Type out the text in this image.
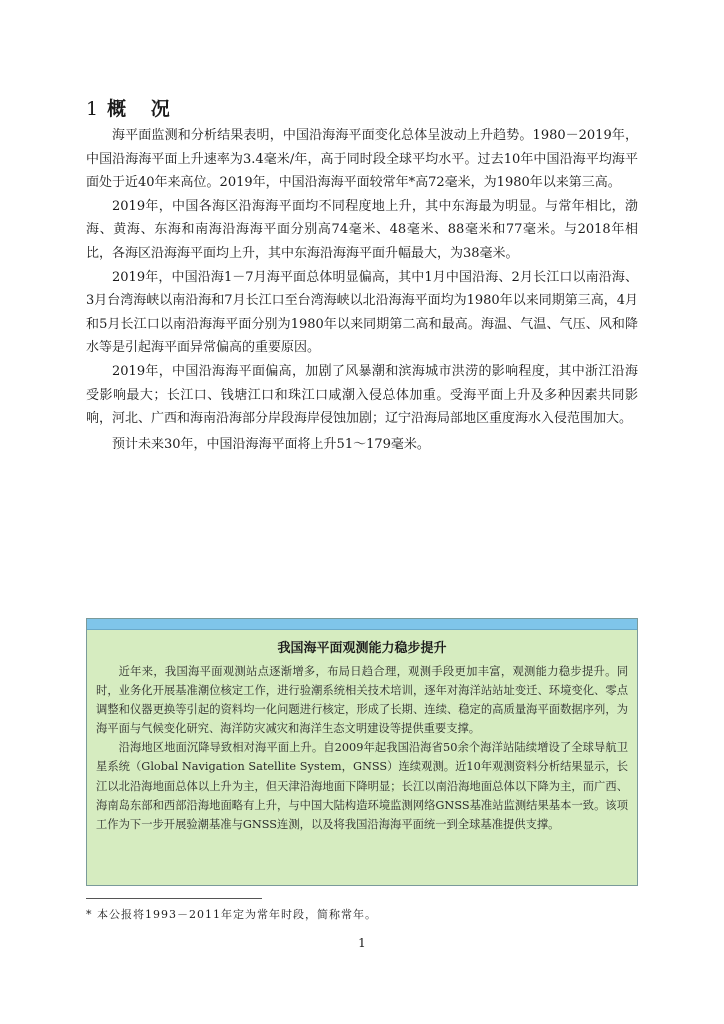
1 概 况

海平面监测和分析结果表明，中国沿海海平面变化总体呈波动上升趋势。1980－2019年，中国沿海海平面上升速率为3.4毫米/年，高于同时段全球平均水平。过去10年中国沿海平均海平面处于近40年来高位。2019年，中国沿海海平面较常年*高72毫米，为1980年以来第三高。

2019年，中国各海区沿海海平面均不同程度地上升，其中东海最为明显。与常年相比，渤海、黄海、东海和南海沿海海平面分别高74毫米、48毫米、88毫米和77毫米。与2018年相比，各海区沿海海平面均上升，其中东海沿海海平面升幅最大，为38毫米。

2019年，中国沿海1－7月海平面总体明显偏高，其中1月中国沿海、2月长江口以南沿海、3月台湾海峡以南沿海和7月长江口至台湾海峡以北沿海海平面均为1980年以来同期第三高，4月和5月长江口以南沿海海平面分别为1980年以来同期第二高和最高。海温、气温、气压、风和降水等是引起海平面异常偏高的重要原因。

2019年，中国沿海海平面偏高，加剧了风暴潮和滨海城市洪涝的影响程度，其中浙江沿海受影响最大；长江口、钱塘江口和珠江口咸潮入侵总体加重。受海平面上升及多种因素共同影响，河北、广西和海南沿海部分岸段海岸侵蚀加剧；辽宁沿海局部地区重度海水入侵范围加大。

预计未来30年，中国沿海海平面将上升51～179毫米。

我国海平面观测能力稳步提升

近年来，我国海平面观测站点逐渐增多，布局日趋合理，观测手段更加丰富，观测能力稳步提升。同时，业务化开展基准潮位核定工作，进行验潮系统相关技术培训，逐年对海洋站站址变迁、环境变化、零点调整和仪器更换等引起的资料均一化问题进行核定，形成了长期、连续、稳定的高质量海平面数据序列，为海平面与气候变化研究、海洋防灾减灾和海洋生态文明建设等提供重要支撑。

沿海地区地面沉降导致相对海平面上升。自2009年起我国沿海省50余个海洋站陆续增设了全球导航卫星系统（Global Navigation Satellite System，GNSS）连续观测。近10年观测资料分析结果显示，长江以北沿海地面总体以上升为主，但天津沿海地面下降明显；长江以南沿海地面总体以下降为主，而广西、海南岛东部和西部沿海地面略有上升，与中国大陆构造环境监测网络GNSS基准站监测结果基本一致。该项工作为下一步开展验潮基准与GNSS连测，以及将我国沿海海平面统一到全球基准提供支撑。

* 本公报将1993－2011年定为常年时段，简称常年。
1
